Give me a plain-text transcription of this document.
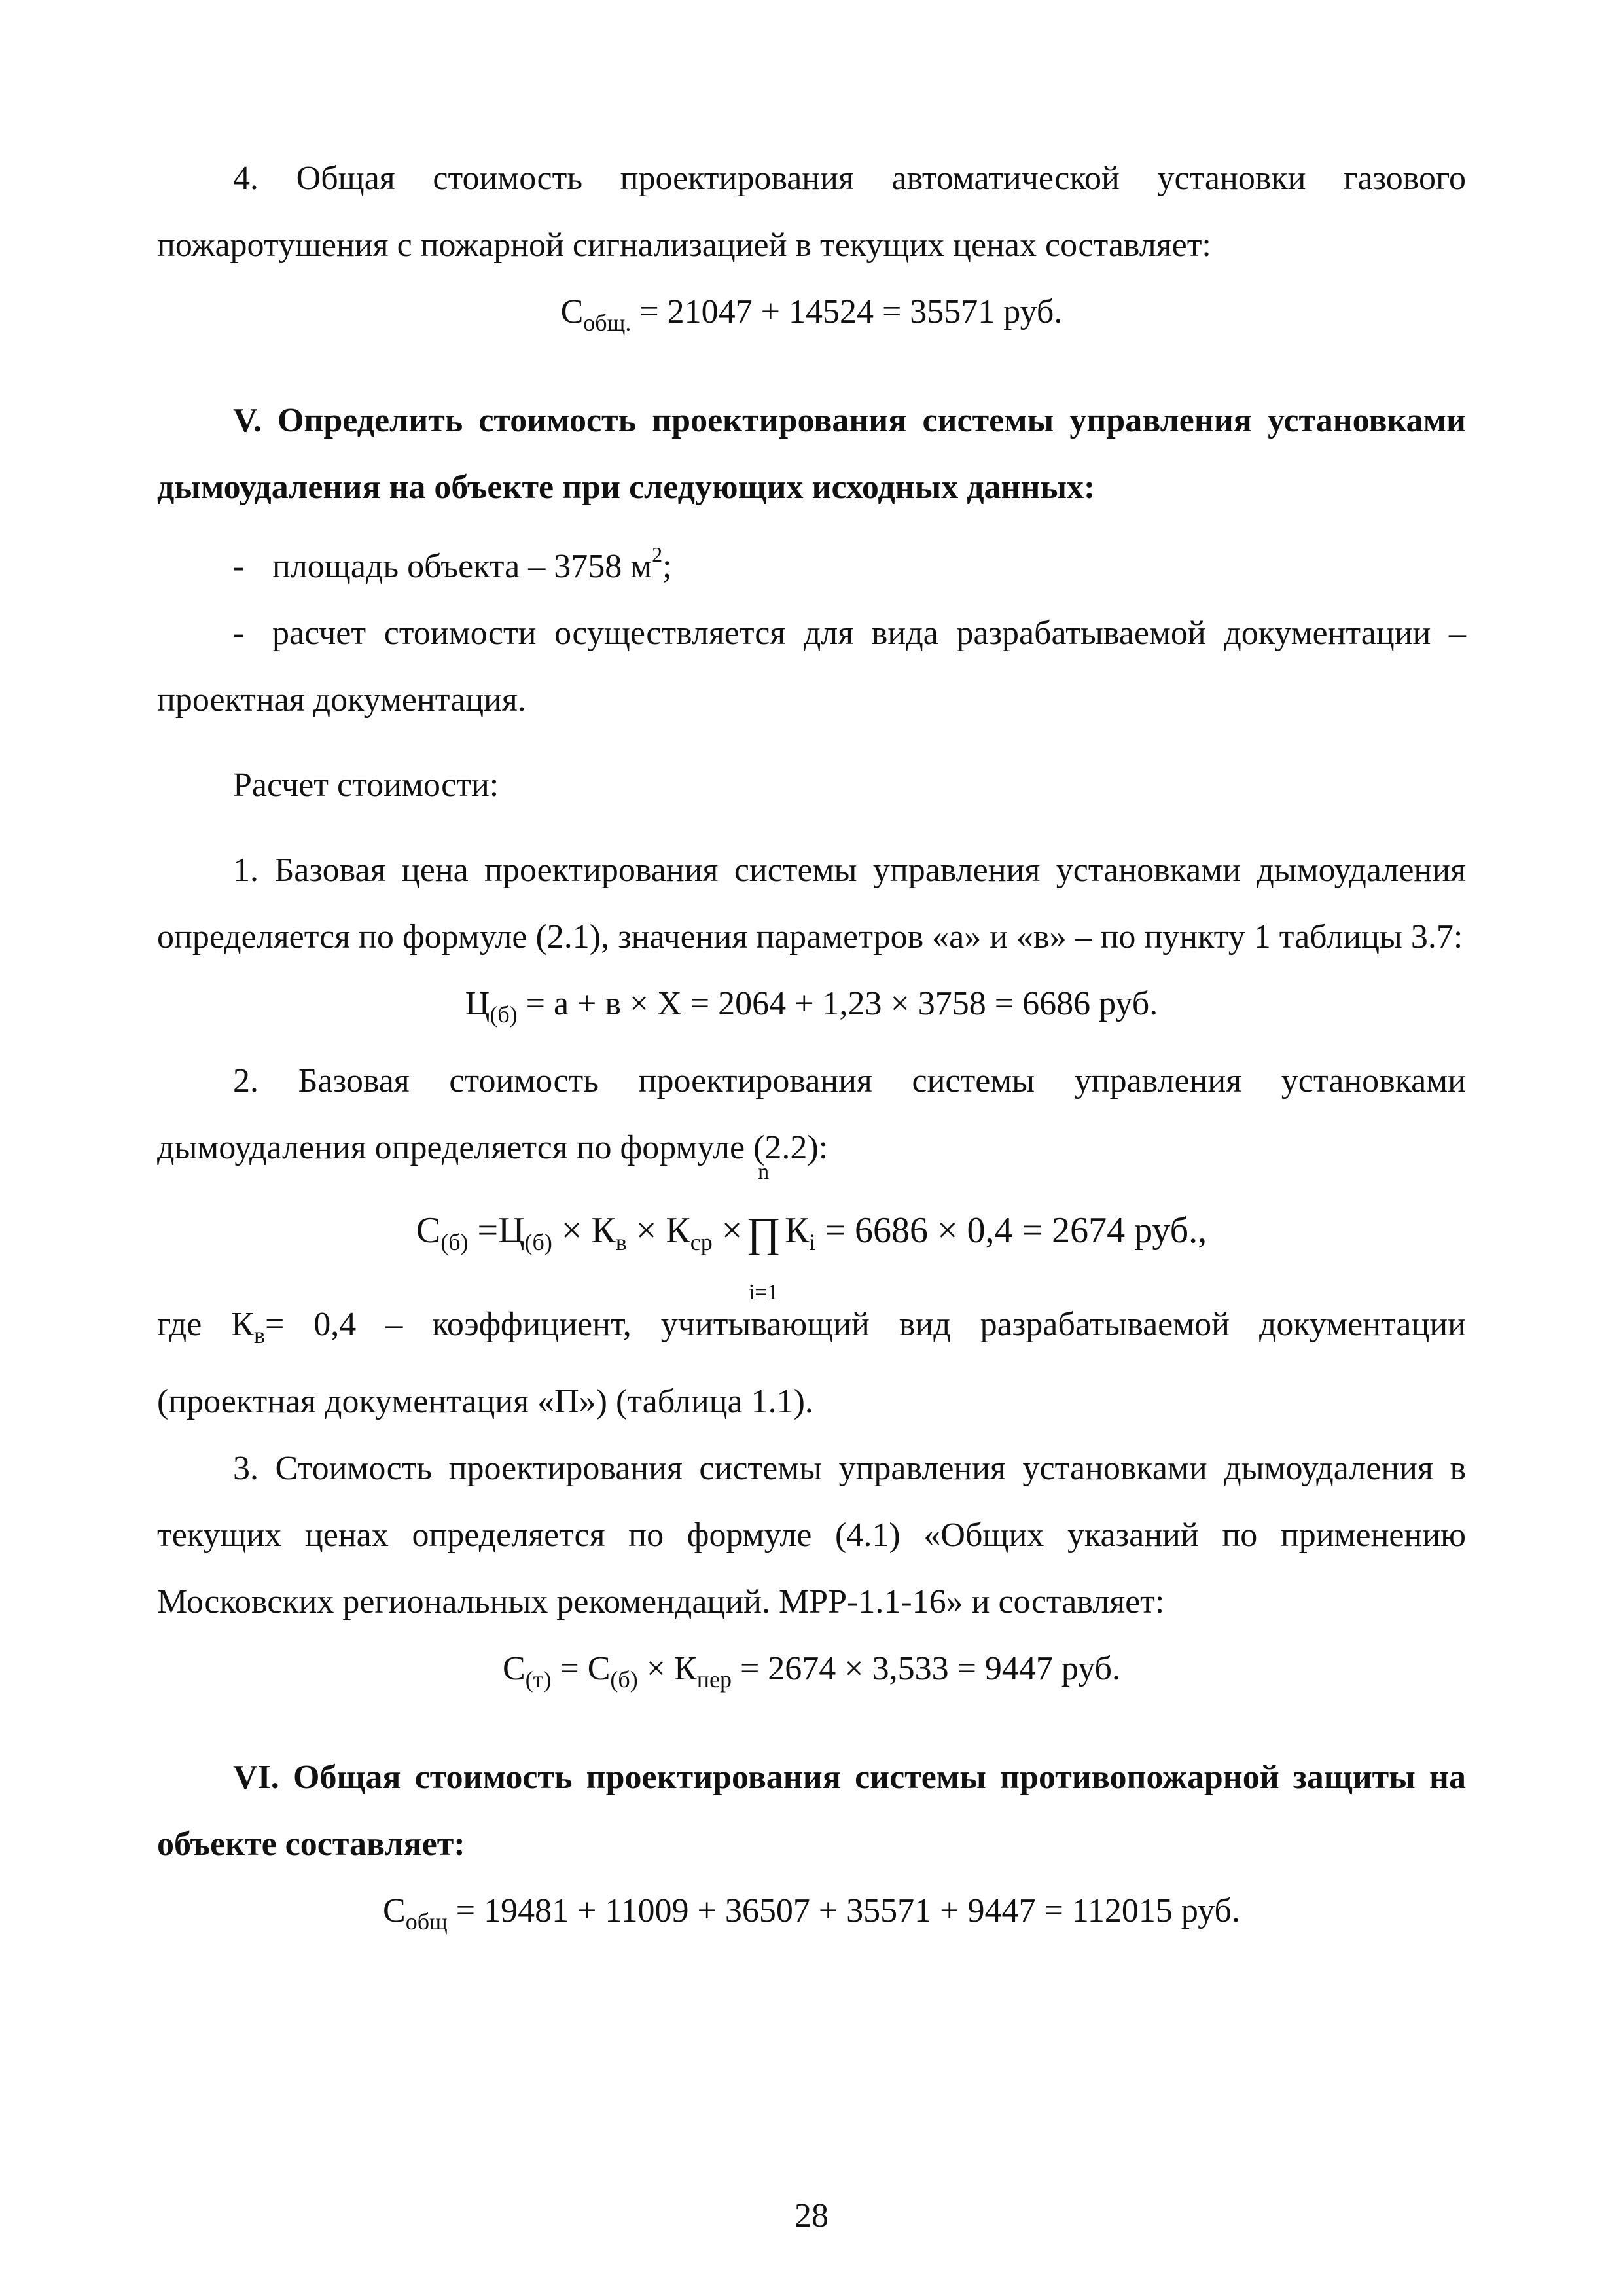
4. Общая стоимость проектирования автоматической установки газового пожаротушения с пожарной сигнализацией в текущих ценах составляет:

$С_{общ.} = 21047 + 14524 = 35571$ руб.

V. Определить стоимость проектирования системы управления установками дымоудаления на объекте при следующих исходных данных:

- площадь объекта – 3758 $м^2$;

- расчет стоимости осуществляется для вида разрабатываемой документации – проектная документация.

Расчет стоимости:

1. Базовая цена проектирования системы управления установками дымоудаления определяется по формуле (2.1), значения параметров «а» и «в» – по пункту 1 таблицы 3.7:

$Ц_{(б)} = а + в \times Х = 2064 + 1,23 \times 3758 = 6686$ руб.

2. Базовая стоимость проектирования системы управления установками дымоудаления определяется по формуле (2.2):

$С_{(б)} =Ц_{(б)} \times К_в \times К_{ср}$ ×
n
∏
i=1
$К_i = 6686 \times 0,4 = 2674$ руб.,

где $К_в= 0,4$ – коэффициент, учитывающий вид разрабатываемой документации (проектная документация «П») (таблица 1.1).

3. Стоимость проектирования системы управления установками дымоудаления в текущих ценах определяется по формуле (4.1) «Общих указаний по применению Московских региональных рекомендаций. МРР-1.1-16» и составляет:

$С_{(т)} = С_{(б)} \times К_{пер} = 2674 \times 3,533 = 9447$ руб.

VI. Общая стоимость проектирования системы противопожарной защиты на объекте составляет:

$С_{общ} = 19481 + 11009 + 36507 + 35571 + 9447 = 112015$ руб.

28
